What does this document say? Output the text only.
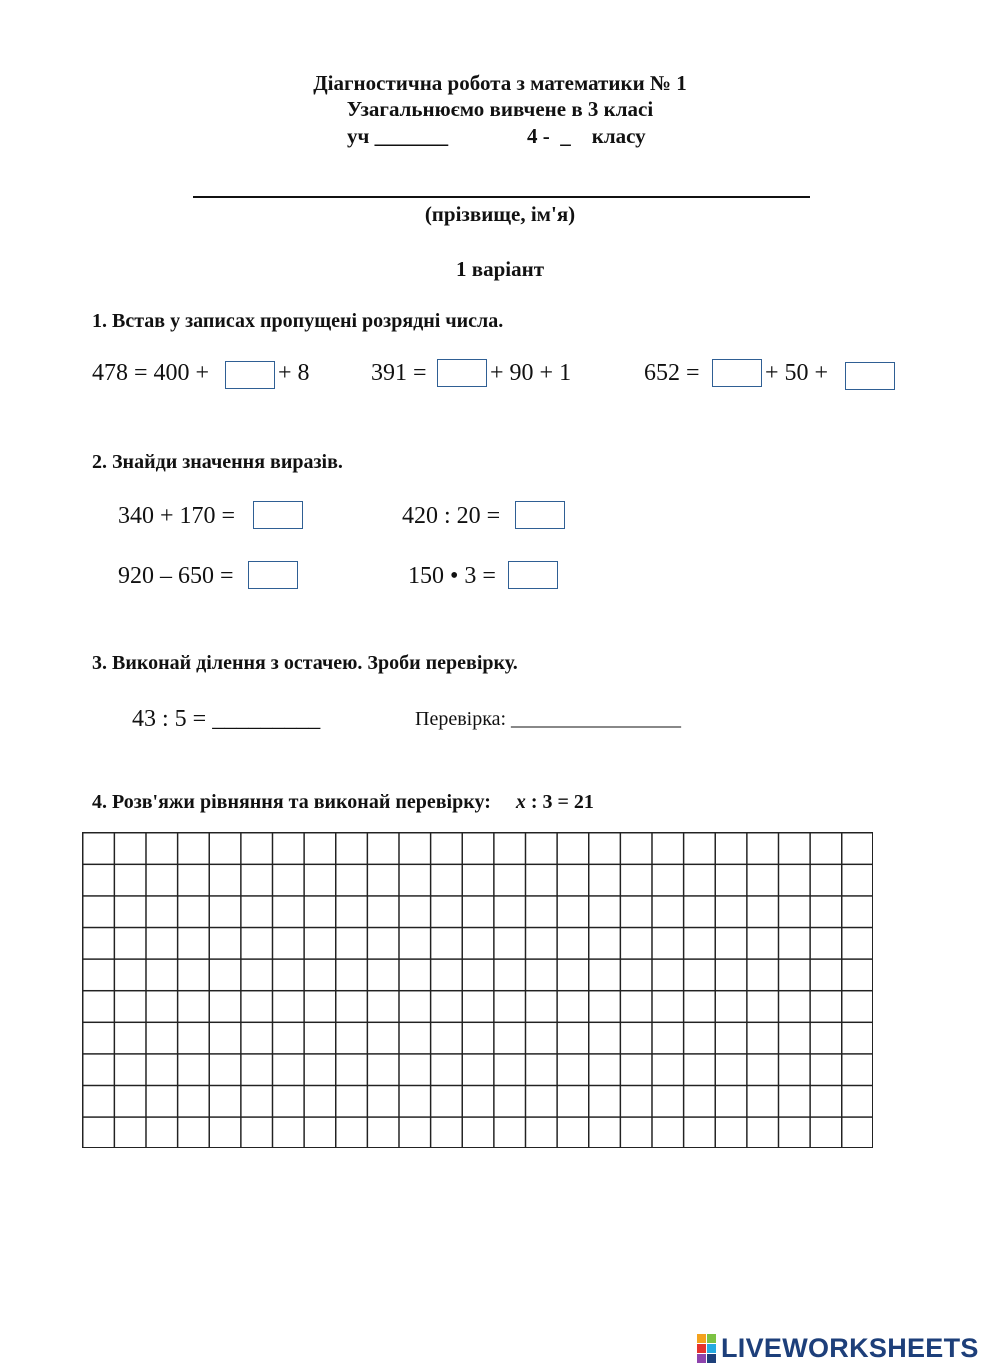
Діагностична робота з математики № 1
Узагальнюємо вивчене в 3 класі
уч _______	4 -  _    класу
(прізвище, ім'я)
1 варіант
1. Встав у записах пропущені розрядні числа.
478 = 400 +	+ 8	391 =	+ 90 + 1	652 =	+ 50 +
2. Знайди значення виразів.
340 + 170 =	420 : 20 =
920 – 650 =	150 • 3 =
3. Виконай ділення з остачею. Зроби перевірку.
43 : 5 = _________	Перевірка: _________________
4. Розв'яжи рівняння та виконай перевірку: x : 3 = 21
LIVEWORKSHEETS
